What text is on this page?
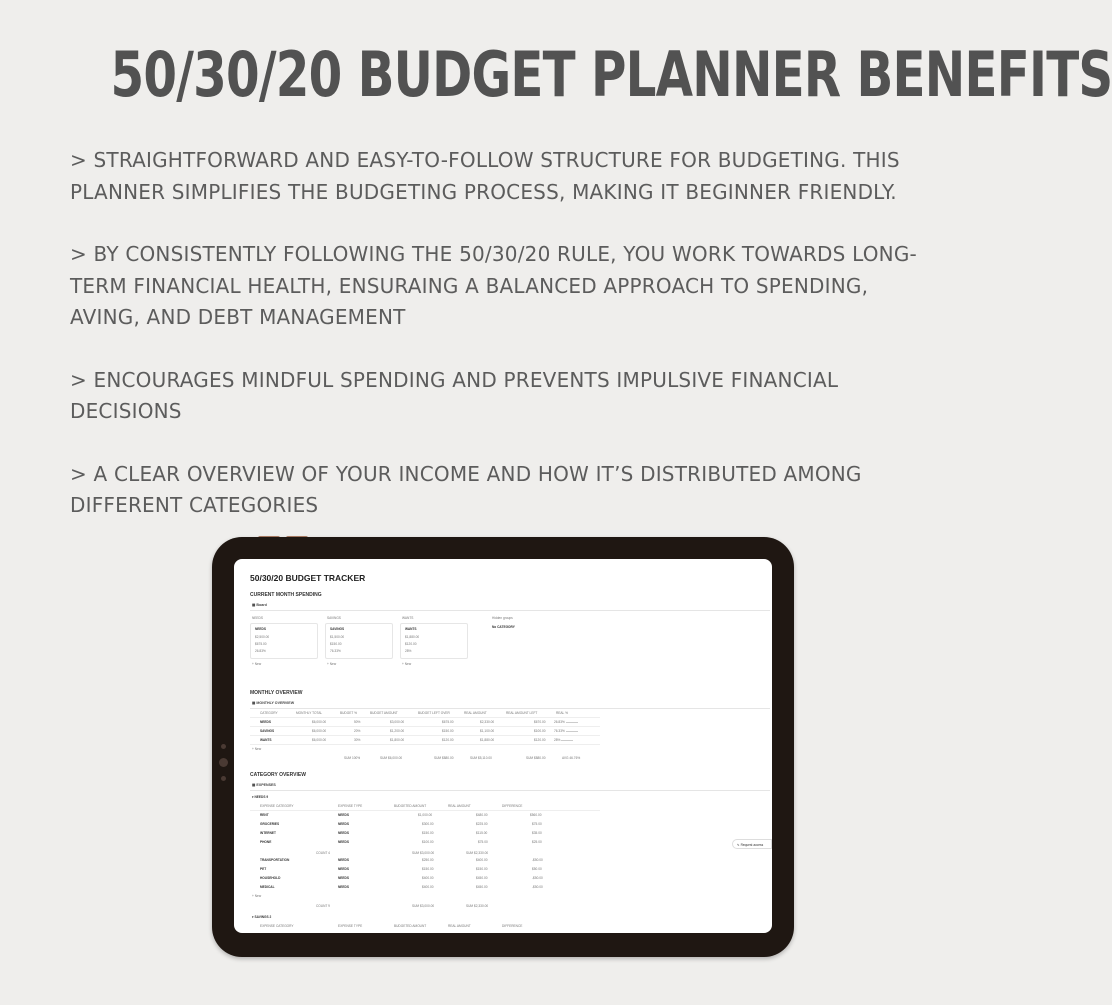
50/30/20 BUDGET PLANNER BENEFITS
> STRAIGHTFORWARD AND EASY-TO-FOLLOW STRUCTURE FOR BUDGETING. THIS
PLANNER SIMPLIFIES THE BUDGETING PROCESS, MAKING IT BEGINNER FRIENDLY.
> BY CONSISTENTLY FOLLOWING THE 50/30/20 RULE, YOU WORK TOWARDS LONG-
TERM FINANCIAL HEALTH, ENSURAING A BALANCED APPROACH TO SPENDING,
AVING, AND DEBT MANAGEMENT
> ENCOURAGES MINDFUL SPENDING AND PREVENTS IMPULSIVE FINANCIAL
DECISIONS
> A CLEAR OVERVIEW OF YOUR INCOME AND HOW IT’S DISTRIBUTED AMONG
DIFFERENT CATEGORIES
50/30/20 BUDGET TRACKER
CURRENT MONTH SPENDING
▦ Board
NEEDS	SAVINGS	WANTS	Hidden groups
No CATEGORY
NEEDS
$2,500.00
$675.00
26.83%
SAVINGS
$1,500.00
$150.00
76.33%
WANTS
$1,880.00
$120.00
28%
+ New	+ New	+ New
MONTHLY OVERVIEW
▦ MONTHLY OVERVIEW
CATEGORY	MONTHLY TOTAL	BUDGET %	BUDGET AMOUNT	BUDGET LEFT OVER	REAL AMOUNT	REAL AMOUNT LEFT	REAL %
NEEDS	$6,000.00	50%	$3,000.00	$675.00	$2,330.00	$670.00	26.83%
SAVINGS	$6,000.00	20%	$1,200.00	$150.00	$1,100.00	$100.00	76.33%
WANTS	$6,000.00	30%	$1,800.00	$120.00	$1,880.00	$120.00	28%
+ New
SUM 100%	SUM $6,000.00	SUM $880.00	SUM $5,110.00	SUM $880.00	AVG 46.76%
CATEGORY OVERVIEW
▦ EXPENSES
▾ NEEDS 9
EXPENSE CATEGORY	EXPENSE TYPE	BUDGETED AMOUNT	REAL AMOUNT	DIFFERENCE
RENT	NEEDS	$1,000.00	$480.00	$560.00
GROCERIES	NEEDS	$300.00	$225.00	$75.00
INTERNET	NEEDS	$150.00	$115.00	$35.00
PHONE	NEEDS	$100.00	$75.00	$25.00
COUNT 4	SUM $3,000.00	SUM $2,330.00
TRANSPORTATION	NEEDS	$250.00	$400.00	-$50.00
PET	NEEDS	$150.00	$150.00	$50.00
HOUSEHOLD	NEEDS	$400.00	$450.00	-$50.00
MEDICAL	NEEDS	$400.00	$450.00	-$50.00
+ New
COUNT 9	SUM $3,000.00	SUM $2,330.00
▾ SAVINGS 2
EXPENSE CATEGORY	EXPENSE TYPE	BUDGETED AMOUNT	REAL AMOUNT	DIFFERENCE
✎ Request access
